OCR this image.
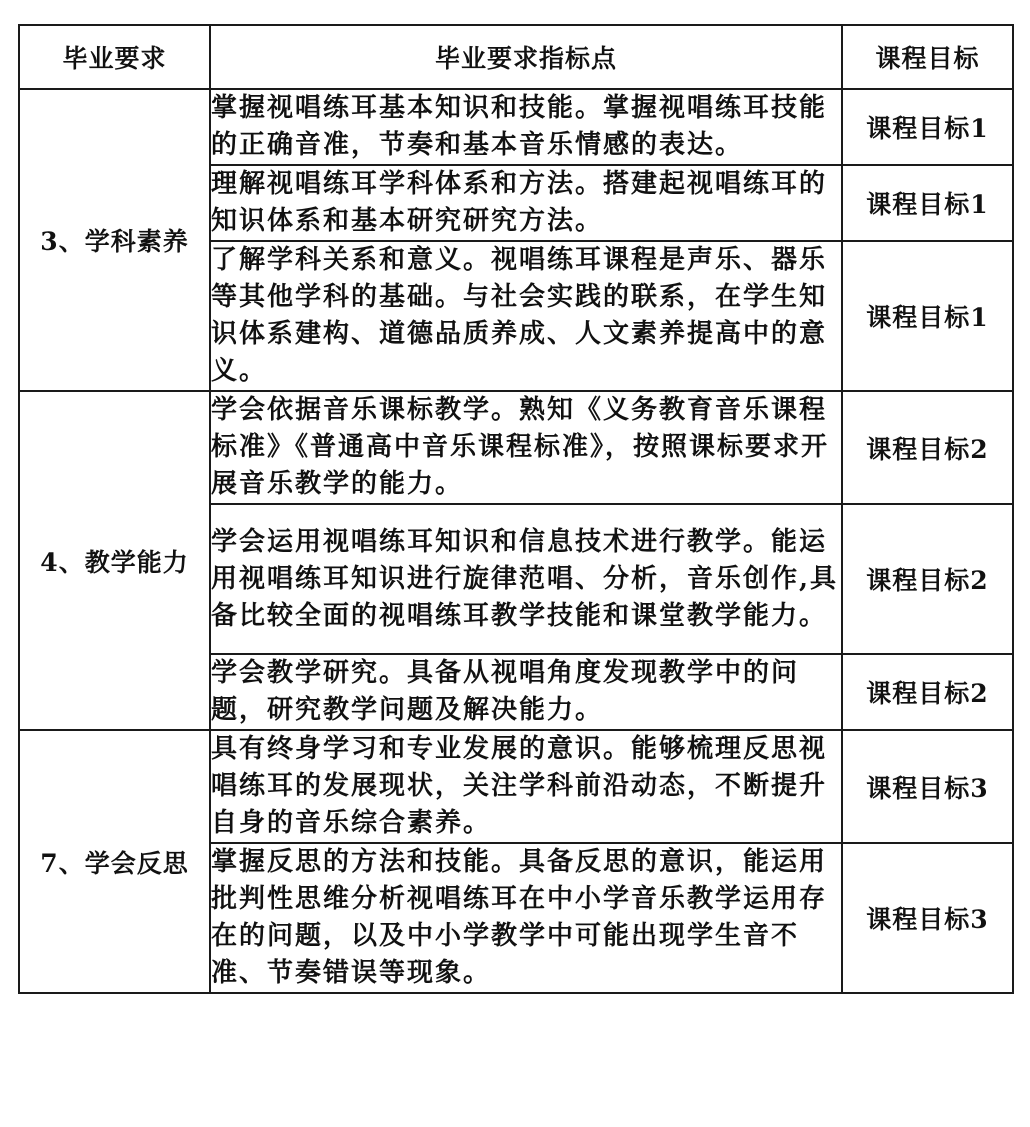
毕业要求	毕业要求指标点	课程目标
3、学科素养	掌握视唱练耳基本知识和技能。掌握视唱练耳技能的正确音准，节奏和基本音乐情感的表达。	课程目标1
	理解视唱练耳学科体系和方法。搭建起视唱练耳的知识体系和基本研究研究方法。	课程目标1
	了解学科关系和意义。视唱练耳课程是声乐、器乐等其他学科的基础。与社会实践的联系，在学生知识体系建构、道德品质养成、人文素养提高中的意义。	课程目标1
4、教学能力	学会依据音乐课标教学。熟知《义务教育音乐课程标准》《普通高中音乐课程标准》，按照课标要求开展音乐教学的能力。	课程目标2
	学会运用视唱练耳知识和信息技术进行教学。能运用视唱练耳知识进行旋律范唱、分析，音乐创作,具备比较全面的视唱练耳教学技能和课堂教学能力。	课程目标2
	学会教学研究。具备从视唱角度发现教学中的问题，研究教学问题及解决能力。	课程目标2
7、学会反思	具有终身学习和专业发展的意识。能够梳理反思视唱练耳的发展现状，关注学科前沿动态，不断提升自身的音乐综合素养。	课程目标3
	掌握反思的方法和技能。具备反思的意识，能运用批判性思维分析视唱练耳在中小学音乐教学运用存在的问题，以及中小学教学中可能出现学生音不准、节奏错误等现象。	课程目标3
